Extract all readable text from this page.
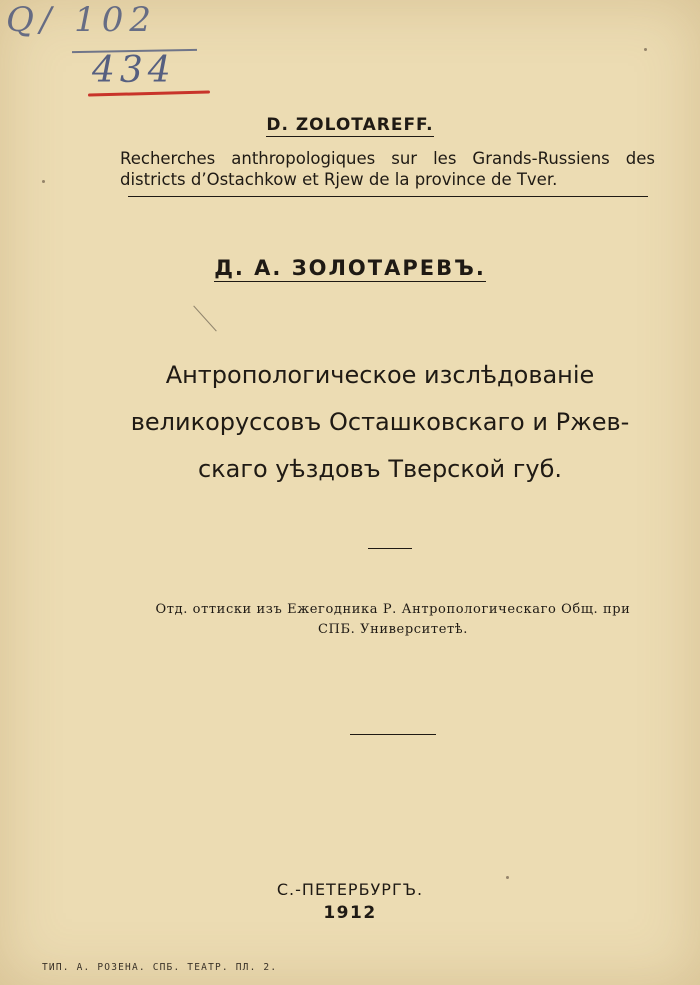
Q/ 102
434
D. ZOLOTAREFF.
Recherches anthropologiques sur les Grands-Russiens des districts d’Ostachkow et Rjew de la province de Tver.
Д. А. ЗОЛОТАРЕВЪ.
Антропологическое изслѣдованіе
великоруссовъ Осташковскаго и Ржев-
скаго уѣздовъ Тверской губ.
Отд. оттиски изъ Ежегодника Р. Антропологическаго Общ. при
СПБ. Университетѣ.
С.-ПЕТЕРБУРГЪ.
1912
ТИП. А. РОЗЕНА. СПБ. ТЕАТР. ПЛ. 2.
